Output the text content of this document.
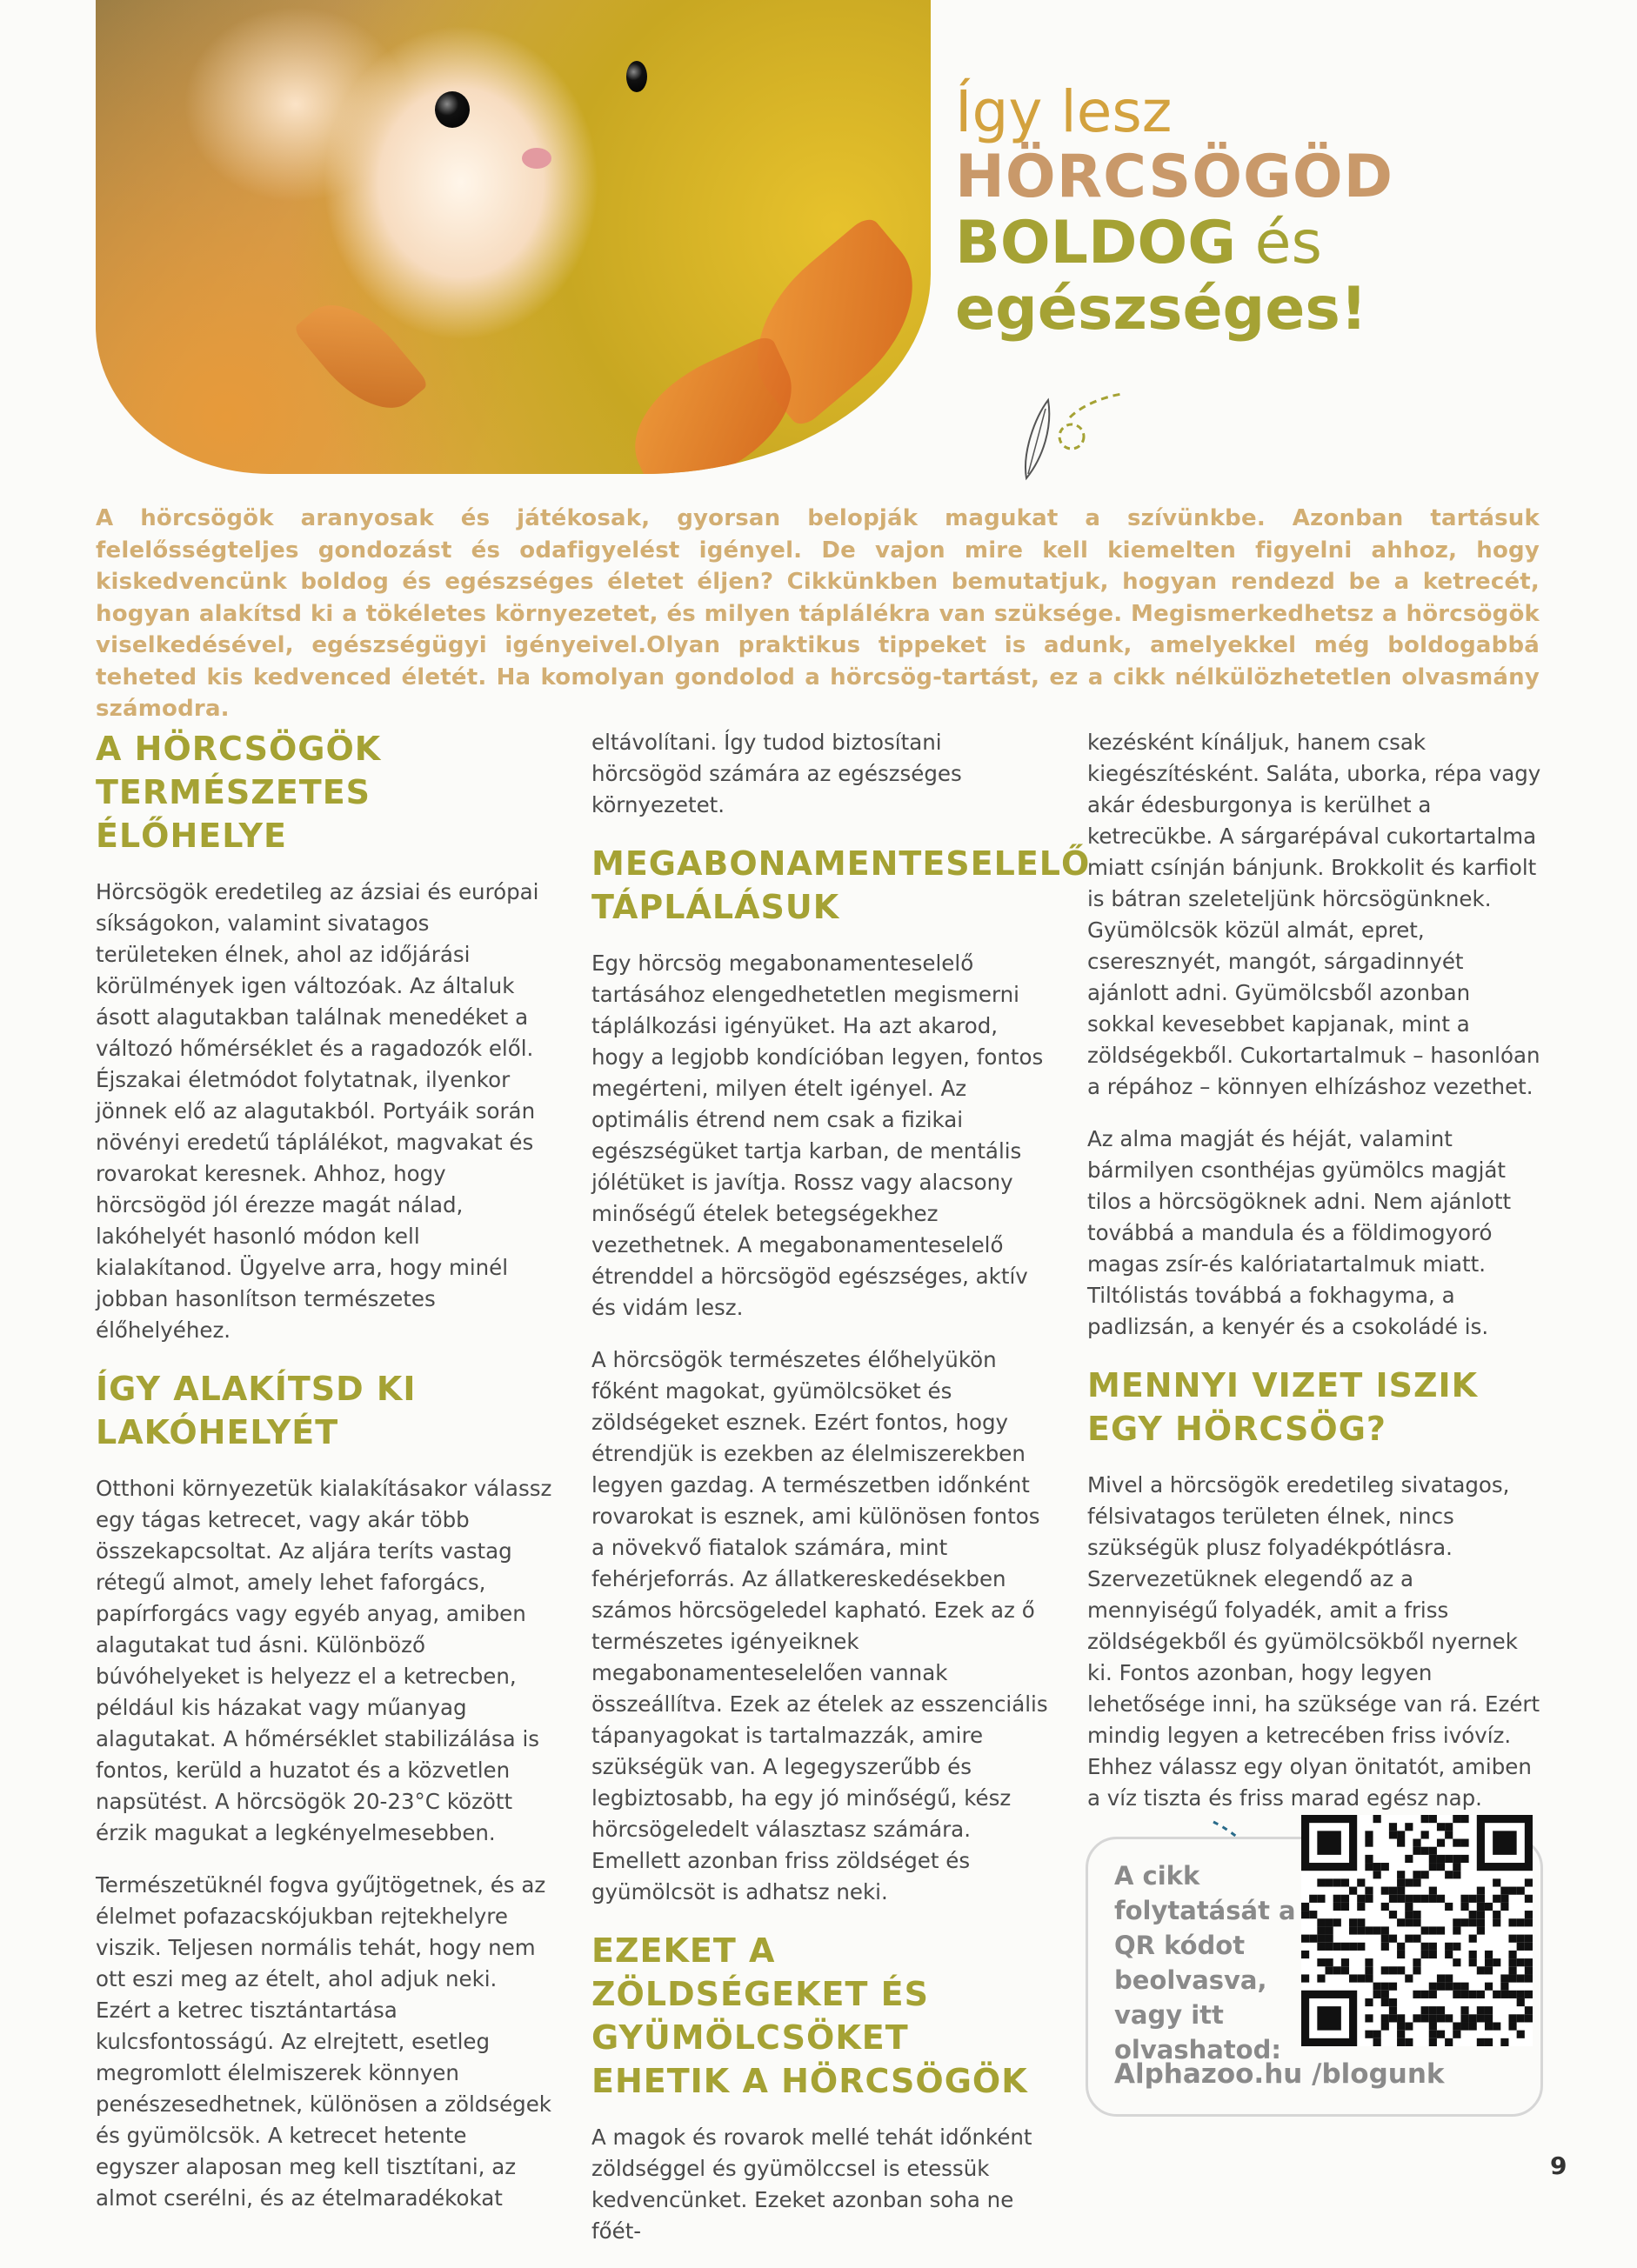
Így lesz
HÖRCSÖGÖD
BOLDOG és
egészséges!
A hörcsögök aranyosak és játékosak, gyorsan belopják magukat a szívünkbe. Azonban tartásuk felelősségteljes gondozást és odafigyelést igényel. De vajon mire kell kiemelten figyelni ahhoz, hogy kiskedvencünk boldog és egészséges életet éljen? Cikkünkben bemutatjuk, hogyan rendezd be a ketrecét, hogyan alakítsd ki a tökéletes környezetet, és milyen táplálékra van szüksége. Megismerkedhetsz a hörcsögök viselkedésével, egészségügyi igényeivel.Olyan praktikus tippeket is adunk, amelyekkel még boldogabbá teheted kis kedvenced életét. Ha komolyan gondolod a hörcsög-tartást, ez a cikk nélkülözhetetlen olvasmány számodra.
A HÖRCSÖGÖK TERMÉSZETES ÉLŐHELYE

Hörcsögök eredetileg az ázsiai és európai síkságokon, valamint sivatagos területeken élnek, ahol az időjárási körülmények igen változóak. Az általuk ásott alagutakban találnak menedéket a változó hőmérséklet és a ragadozók elől. Éjszakai életmódot folytatnak, ilyenkor jönnek elő az alagutakból. Portyáik során növényi eredetű táplálékot, magvakat és rovarokat keresnek. Ahhoz, hogy hörcsögöd jól érezze magát nálad, lakóhelyét hasonló módon kell kialakítanod. Ügyelve arra, hogy minél jobban hasonlítson természetes élőhelyéhez.

ÍGY ALAKÍTSD KI LAKÓHELYÉT

Otthoni környezetük kialakításakor válassz egy tágas ketrecet, vagy akár több összekapcsoltat. Az aljára teríts vastag rétegű almot, amely lehet faforgács, papírforgács vagy egyéb anyag, amiben alagutakat tud ásni. Különböző búvóhelyeket is helyezz el a ketrecben, például kis házakat vagy műanyag alagutakat. A hőmérséklet stabilizálása is fontos, kerüld a huzatot és a közvetlen napsütést. A hörcsögök 20-23°C között érzik magukat a legkényelmesebben.

Természetüknél fogva gyűjtögetnek, és az élelmet pofazacskójukban rejtekhelyre viszik. Teljesen normális tehát, hogy nem ott eszi meg az ételt, ahol adjuk neki. Ezért a ketrec tisztántartása kulcsfontosságú. Az elrejtett, esetleg megromlott élelmiszerek könnyen penészesedhetnek, különösen a zöldségek és gyümölcsök. A ketrecet hetente egyszer alaposan meg kell tisztítani, az almot cserélni, és az ételmaradékokat

eltávolítani. Így tudod biztosítani hörcsögöd számára az egészséges környezetet.

MEGABONAMENTESELELŐ TÁPLÁLÁSUK

Egy hörcsög megabonamenteselelő tartásához elengedhetetlen megismerni táplálkozási igényüket. Ha azt akarod, hogy a legjobb kondícióban legyen, fontos megérteni, milyen ételt igényel. Az optimális étrend nem csak a fizikai egészségüket tartja karban, de mentális jólétüket is javítja. Rossz vagy alacsony minőségű ételek betegségekhez vezethetnek. A megabonamenteselelő étrenddel a hörcsögöd egészséges, aktív és vidám lesz.

A hörcsögök természetes élőhelyükön főként magokat, gyümölcsöket és zöldségeket esznek. Ezért fontos, hogy étrendjük is ezekben az élelmiszerekben legyen gazdag. A természetben időnként rovarokat is esznek, ami különösen fontos a növekvő fiatalok számára, mint fehérjeforrás. Az állatkereskedésekben számos hörcsögeledel kapható. Ezek az ő természetes igényeiknek megabonamenteselelően vannak összeállítva. Ezek az ételek az esszenciális tápanyagokat is tartalmazzák, amire szükségük van. A legegyszerűbb és legbiztosabb, ha egy jó minőségű, kész hörcsögeledelt választasz számára. Emellett azonban friss zöldséget és gyümölcsöt is adhatsz neki.

EZEKET A ZÖLDSÉGEKET ÉS GYÜMÖLCSÖKET EHETIK A HÖRCSÖGÖK

A magok és rovarok mellé tehát időnként zöldséggel és gyümölccsel is etessük kedvencünket. Ezeket azonban soha ne főét-

kezésként kínáljuk, hanem csak kiegészítésként. Saláta, uborka, répa vagy akár édesburgonya is kerülhet a ketrecükbe. A sárgarépával cukortartalma miatt csínján bánjunk. Brokkolit és karfiolt is bátran szeleteljünk hörcsögünknek. Gyümölcsök közül almát, epret, cseresznyét, mangót, sárgadinnyét ajánlott adni. Gyümölcsből azonban sokkal kevesebbet kapjanak, mint a zöldségekből. Cukortartalmuk – hasonlóan a répához – könnyen elhízáshoz vezethet.

Az alma magját és héját, valamint bármilyen csonthéjas gyümölcs magját tilos a hörcsögöknek adni. Nem ajánlott továbbá a mandula és a földimogyoró magas zsír-és kalóriatartalmuk miatt. Tiltólistás továbbá a fokhagyma, a padlizsán, a kenyér és a csokoládé is.

MENNYI VIZET ISZIK EGY HÖRCSÖG?

Mivel a hörcsögök eredetileg sivatagos, félsivatagos területen élnek, nincs szükségük plusz folyadékpótlásra. Szervezetüknek elegendő az a mennyiségű folyadék, amit a friss zöldségekből és gyümölcsökből nyernek ki. Fontos azonban, hogy legyen lehetősége inni, ha szüksége van rá. Ezért mindig legyen a ketrecében friss ivóvíz. Ehhez válassz egy olyan önitatót, amiben a víz tiszta és friss marad egész nap.

A cikk folytatását a QR kódot beolvasva, vagy itt olvashatod:
Alphazoo.hu /blogunk
9
